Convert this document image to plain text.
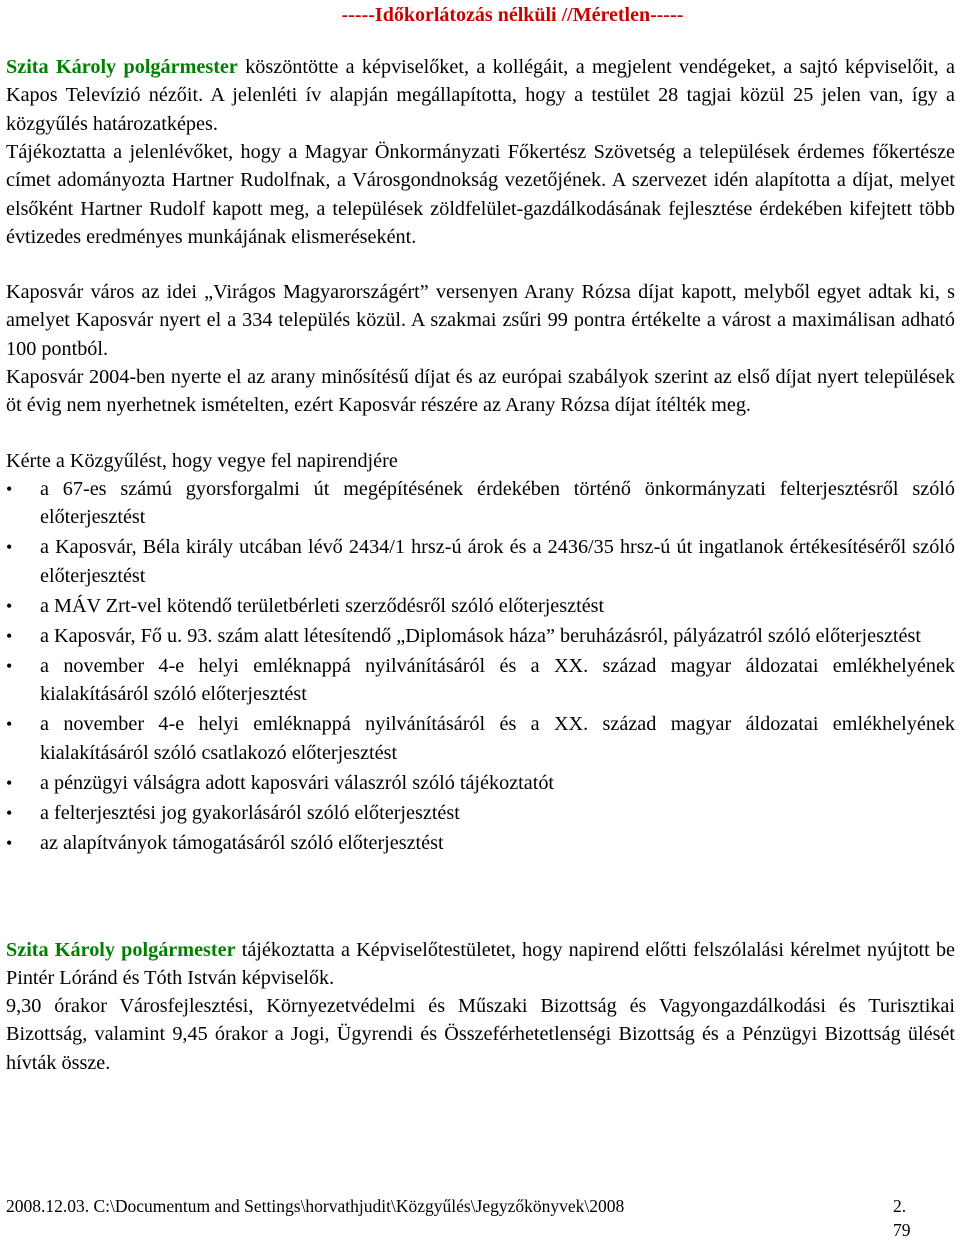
-----Időkorlátozás nélküli //Méretlen-----

Szita Károly polgármester köszöntötte a képviselőket, a kollégáit, a megjelent vendégeket, a sajtó képviselőit, a Kapos Televízió nézőit. A jelenléti ív alapján megállapította, hogy a testület 28 tagjai közül 25 jelen van, így a közgyűlés határozatképes.

Tájékoztatta a jelenlévőket, hogy a Magyar Önkormányzati Főkertész Szövetség a települések érdemes főkertésze címet adományozta Hartner Rudolfnak, a Városgondnokság vezetőjének. A szervezet idén alapította a díjat, melyet elsőként Hartner Rudolf kapott meg, a települések zöldfelület-gazdálkodásának fejlesztése érdekében kifejtett több évtizedes eredményes munkájának elismeréseként.

Kaposvár város az idei „Virágos Magyarországért” versenyen Arany Rózsa díjat kapott, melyből egyet adtak ki, s amelyet Kaposvár nyert el a 334 település közül. A szakmai zsűri 99 pontra értékelte a várost a maximálisan adható 100 pontból.

Kaposvár 2004-ben nyerte el az arany minősítésű díjat és az európai szabályok szerint az első díjat nyert települések öt évig nem nyerhetnek ismételten, ezért Kaposvár részére az Arany Rózsa díjat ítélték meg.

Kérte a Közgyűlést, hogy vegye fel napirendjére

• a 67-es számú gyorsforgalmi út megépítésének érdekében történő önkormányzati felterjesztésről szóló előterjesztést
• a Kaposvár, Béla király utcában lévő 2434/1 hrsz-ú árok és a 2436/35 hrsz-ú út ingatlanok értékesítéséről szóló előterjesztést
• a MÁV Zrt-vel kötendő területbérleti szerződésről szóló előterjesztést
• a Kaposvár, Fő u. 93. szám alatt létesítendő „Diplomások háza” beruházásról, pályázatról szóló előterjesztést
• a november 4-e helyi emléknappá nyilvánításáról és a XX. század magyar áldozatai emlékhelyének kialakításáról szóló előterjesztést
• a november 4-e helyi emléknappá nyilvánításáról és a XX. század magyar áldozatai emlékhelyének kialakításáról szóló csatlakozó előterjesztést
• a pénzügyi válságra adott kaposvári válaszról szóló tájékoztatót
• a felterjesztési jog gyakorlásáról szóló előterjesztést
• az alapítványok támogatásáról szóló előterjesztést

Szita Károly polgármester tájékoztatta a Képviselőtestületet, hogy napirend előtti felszólalási kérelmet nyújtott be Pintér Lóránd és Tóth István képviselők.

9,30 órakor Városfejlesztési, Környezetvédelmi és Műszaki Bizottság és Vagyongazdálkodási és Turisztikai Bizottság, valamint 9,45 órakor a Jogi, Ügyrendi és Összeférhetetlenségi Bizottság és a Pénzügyi Bizottság ülését hívták össze.

2008.12.03. C:\Documentum and Settings\horvathjudit\Közgyűlés\Jegyzőkönyvek\2008	2.
79
